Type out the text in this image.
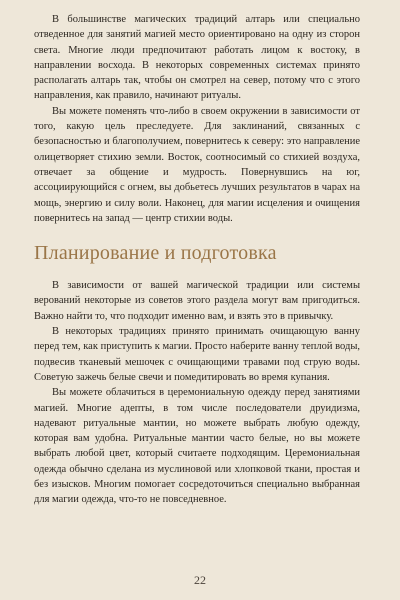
В большинстве магических традиций алтарь или специально отведенное для занятий магией место ориентировано на одну из сторон света. Многие люди предпочитают работать лицом к востоку, в направлении восхода. В некоторых современных системах принято располагать алтарь так, чтобы он смотрел на север, потому что с этого направления, как правило, начинают ритуалы.

Вы можете поменять что-либо в своем окружении в зависимости от того, какую цель преследуете. Для заклинаний, связанных с безопасностью и благополучием, повернитесь к северу: это направление олицетворяет стихию земли. Восток, соотносимый со стихией воздуха, отвечает за общение и мудрость. Повернувшись на юг, ассоциирующийся с огнем, вы добьетесь лучших результатов в чарах на мощь, энергию и силу воли. Наконец, для магии исцеления и очищения повернитесь на запад — центр стихии воды.

Планирование и подготовка

В зависимости от вашей магической традиции или системы верований некоторые из советов этого раздела могут вам пригодиться. Важно найти то, что подходит именно вам, и взять это в привычку.

В некоторых традициях принято принимать очищающую ванну перед тем, как приступить к магии. Просто наберите ванну теплой воды, подвесив тканевый мешочек с очищающими травами под струю воды. Советую зажечь белые свечи и помедитировать во время купания.

Вы можете облачиться в церемониальную одежду перед занятиями магией. Многие адепты, в том числе последователи друидизма, надевают ритуальные мантии, но можете выбрать любую одежду, которая вам удобна. Ритуальные мантии часто белые, но вы можете выбрать любой цвет, который считаете подходящим. Церемониальная одежда обычно сделана из муслиновой или хлопковой ткани, простая и без изысков. Многим помогает сосредоточиться специально выбранная для магии одежда, что-то не повседневное.

22
